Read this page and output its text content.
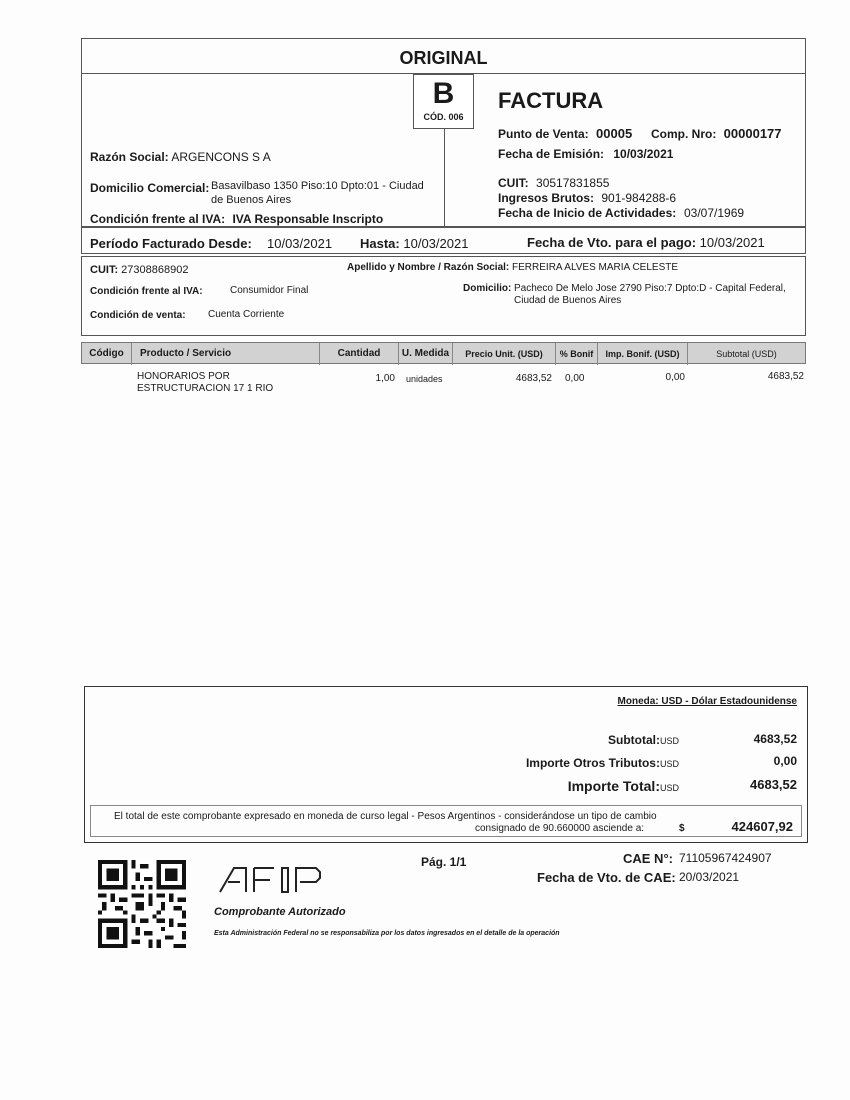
ORIGINAL
B
CÓD. 006
FACTURA
Razón Social: ARGENCONS S A
Domicilio Comercial: Basavilbaso 1350 Piso:10 Dpto:01 - Ciudad
de Buenos Aires
Condición frente al IVA: IVA Responsable Inscripto
Punto de Venta: 00005 Comp. Nro: 00000177
Fecha de Emisión: 10/03/2021
CUIT: 30517831855
Ingresos Brutos: 901-984288-6
Fecha de Inicio de Actividades: 03/07/1969
Período Facturado Desde: 10/03/2021 Hasta: 10/03/2021	Fecha de Vto. para el pago: 10/03/2021
CUIT: 27308868902	Apellido y Nombre / Razón Social: FERREIRA ALVES MARIA CELESTE
Condición frente al IVA:	Consumidor Final	Domicilio: Pacheco De Melo Jose 2790 Piso:7 Dpto:D - Capital Federal,
Ciudad de Buenos Aires
Condición de venta: Cuenta Corriente
Código	Producto / Servicio	Cantidad	U. Medida	Precio Unit. (USD)	% Bonif	Imp. Bonif. (USD)	Subtotal (USD)
HONORARIOS POR
ESTRUCTURACION 17 1 RIO
1,00 unidades	4683,52 0,00	0,00	4683,52
Moneda: USD - Dólar Estadounidense
Subtotal:USD	4683,52
Importe Otros Tributos:USD	0,00
Importe Total:USD	4683,52
El total de este comprobante expresado en moneda de curso legal - Pesos Argentinos - considerándose un tipo de cambio
consignado de 90.660000 asciende a:	$	424607,92
Pág. 1/1
Comprobante Autorizado
Esta Administración Federal no se responsabiliza por los datos ingresados en el detalle de la operación
CAE N°: 71105967424907
Fecha de Vto. de CAE: 20/03/2021
